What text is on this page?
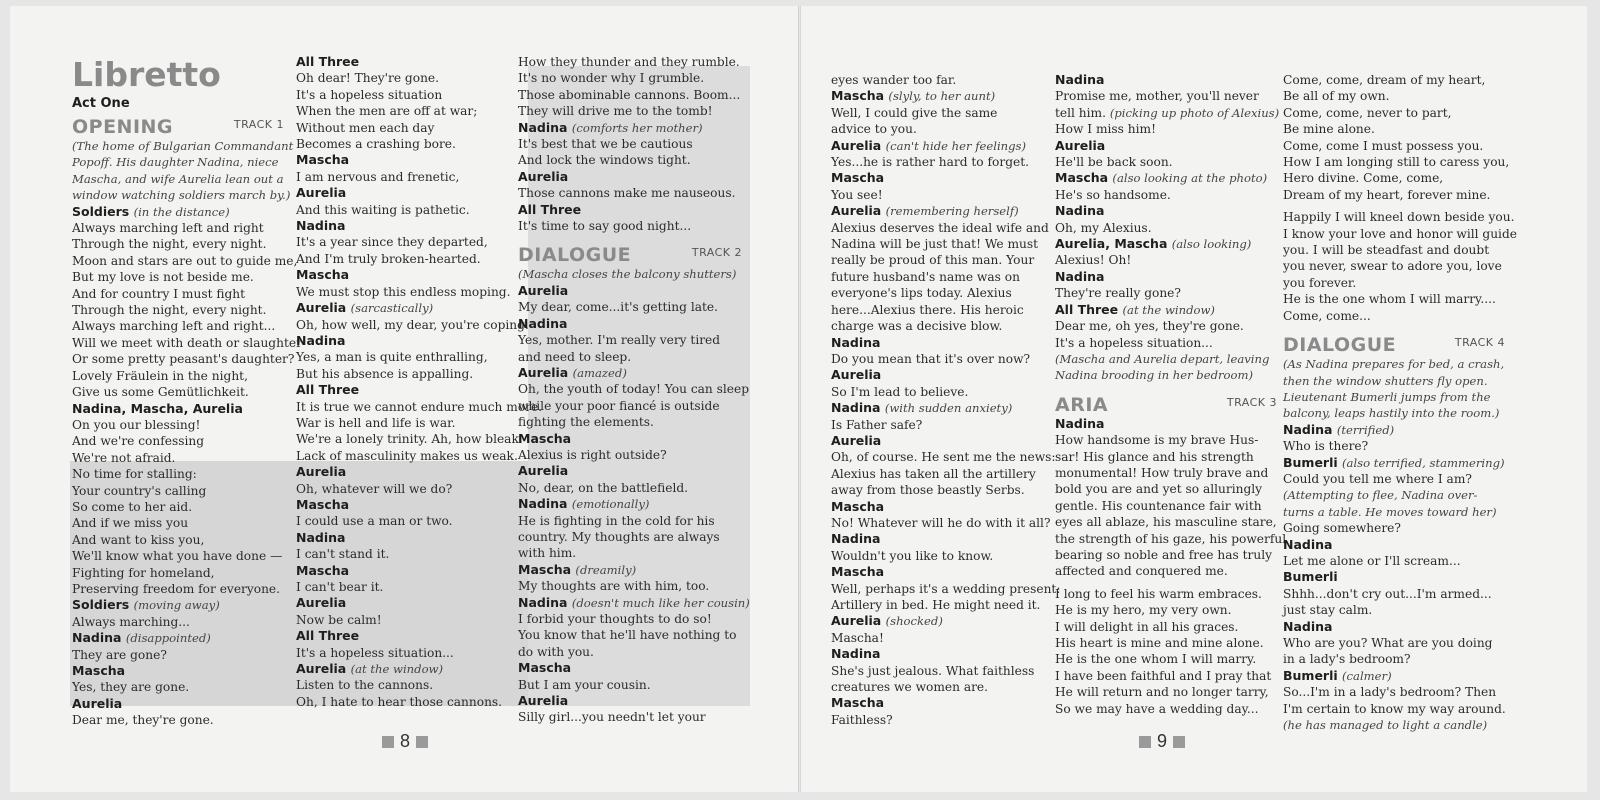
Libretto
Act One
OPENING	TRACK 1
(The home of Bulgarian Commandant
Popoff. His daughter Nadina, niece
Mascha, and wife Aurelia lean out a
window watching soldiers march by.)
Soldiers (in the distance)
Always marching left and right
Through the night, every night.
Moon and stars are out to guide me,
But my love is not beside me.
And for country I must fight
Through the night, every night.
Always marching left and right...
Will we meet with death or slaughter
Or some pretty peasant's daughter?
Lovely Fräulein in the night,
Give us some Gemütlichkeit.
Nadina, Mascha, Aurelia
On you our blessing!
And we're confessing
We're not afraid.
No time for stalling:
Your country's calling
So come to her aid.
And if we miss you
And want to kiss you,
We'll know what you have done —
Fighting for homeland,
Preserving freedom for everyone.
Soldiers (moving away)
Always marching...
Nadina (disappointed)
They are gone?
Mascha
Yes, they are gone.
Aurelia
Dear me, they're gone.
All Three
Oh dear! They're gone.
It's a hopeless situation
When the men are off at war;
Without men each day
Becomes a crashing bore.
Mascha
I am nervous and frenetic,
Aurelia
And this waiting is pathetic.
Nadina
It's a year since they departed,
And I'm truly broken-hearted.
Mascha
We must stop this endless moping.
Aurelia (sarcastically)
Oh, how well, my dear, you're coping.
Nadina
Yes, a man is quite enthralling,
But his absence is appalling.
All Three
It is true we cannot endure much more.
War is hell and life is war.
We're a lonely trinity. Ah, how bleak.
Lack of masculinity makes us weak.
Aurelia
Oh, whatever will we do?
Mascha
I could use a man or two.
Nadina
I can't stand it.
Mascha
I can't bear it.
Aurelia
Now be calm!
All Three
It's a hopeless situation...
Aurelia (at the window)
Listen to the cannons.
Oh, I hate to hear those cannons.
How they thunder and they rumble.
It's no wonder why I grumble.
Those abominable cannons. Boom...
They will drive me to the tomb!
Nadina (comforts her mother)
It's best that we be cautious
And lock the windows tight.
Aurelia
Those cannons make me nauseous.
All Three
It's time to say good night...
DIALOGUE	TRACK 2
(Mascha closes the balcony shutters)
Aurelia
My dear, come...it's getting late.
Nadina
Yes, mother. I'm really very tired
and need to sleep.
Aurelia (amazed)
Oh, the youth of today! You can sleep
while your poor fiancé is outside
fighting the elements.
Mascha
Alexius is right outside?
Aurelia
No, dear, on the battlefield.
Nadina (emotionally)
He is fighting in the cold for his
country. My thoughts are always
with him.
Mascha (dreamily)
My thoughts are with him, too.
Nadina (doesn't much like her cousin)
I forbid your thoughts to do so!
You know that he'll have nothing to
do with you.
Mascha
But I am your cousin.
Aurelia
Silly girl...you needn't let your
8
eyes wander too far.
Mascha (slyly, to her aunt)
Well, I could give the same
advice to you.
Aurelia (can't hide her feelings)
Yes...he is rather hard to forget.
Mascha
You see!
Aurelia (remembering herself)
Alexius deserves the ideal wife and
Nadina will be just that! We must
really be proud of this man. Your
future husband's name was on
everyone's lips today. Alexius
here...Alexius there. His heroic
charge was a decisive blow.
Nadina
Do you mean that it's over now?
Aurelia
So I'm lead to believe.
Nadina (with sudden anxiety)
Is Father safe?
Aurelia
Oh, of course. He sent me the news:
Alexius has taken all the artillery
away from those beastly Serbs.
Mascha
No! Whatever will he do with it all?
Nadina
Wouldn't you like to know.
Mascha
Well, perhaps it's a wedding present:
Artillery in bed. He might need it.
Aurelia (shocked)
Mascha!
Nadina
She's just jealous. What faithless
creatures we women are.
Mascha
Faithless?
Nadina
Promise me, mother, you'll never
tell him. (picking up photo of Alexius)
How I miss him!
Aurelia
He'll be back soon.
Mascha (also looking at the photo)
He's so handsome.
Nadina
Oh, my Alexius.
Aurelia, Mascha (also looking)
Alexius! Oh!
Nadina
They're really gone?
All Three (at the window)
Dear me, oh yes, they're gone.
It's a hopeless situation...
(Mascha and Aurelia depart, leaving
Nadina brooding in her bedroom)
ARIA	TRACK 3
Nadina
How handsome is my brave Hus-
sar! His glance and his strength
monumental! How truly brave and
bold you are and yet so alluringly
gentle. His countenance fair with
eyes all ablaze, his masculine stare,
the strength of his gaze, his powerful
bearing so noble and free has truly
affected and conquered me.
I long to feel his warm embraces.
He is my hero, my very own.
I will delight in all his graces.
His heart is mine and mine alone.
He is the one whom I will marry.
I have been faithful and I pray that
He will return and no longer tarry,
So we may have a wedding day...
Come, come, dream of my heart,
Be all of my own.
Come, come, never to part,
Be mine alone.
Come, come I must possess you.
How I am longing still to caress you,
Hero divine. Come, come,
Dream of my heart, forever mine.
Happily I will kneel down beside you.
I know your love and honor will guide
you. I will be steadfast and doubt
you never, swear to adore you, love
you forever.
He is the one whom I will marry....
Come, come...
DIALOGUE	TRACK 4
(As Nadina prepares for bed, a crash,
then the window shutters fly open.
Lieutenant Bumerli jumps from the
balcony, leaps hastily into the room.)
Nadina (terrified)
Who is there?
Bumerli (also terrified, stammering)
Could you tell me where I am?
(Attempting to flee, Nadina over-
turns a table. He moves toward her)
Going somewhere?
Nadina
Let me alone or I'll scream...
Bumerli
Shhh...don't cry out...I'm armed...
just stay calm.
Nadina
Who are you? What are you doing
in a lady's bedroom?
Bumerli (calmer)
So...I'm in a lady's bedroom? Then
I'm certain to know my way around.
(he has managed to light a candle)
9
